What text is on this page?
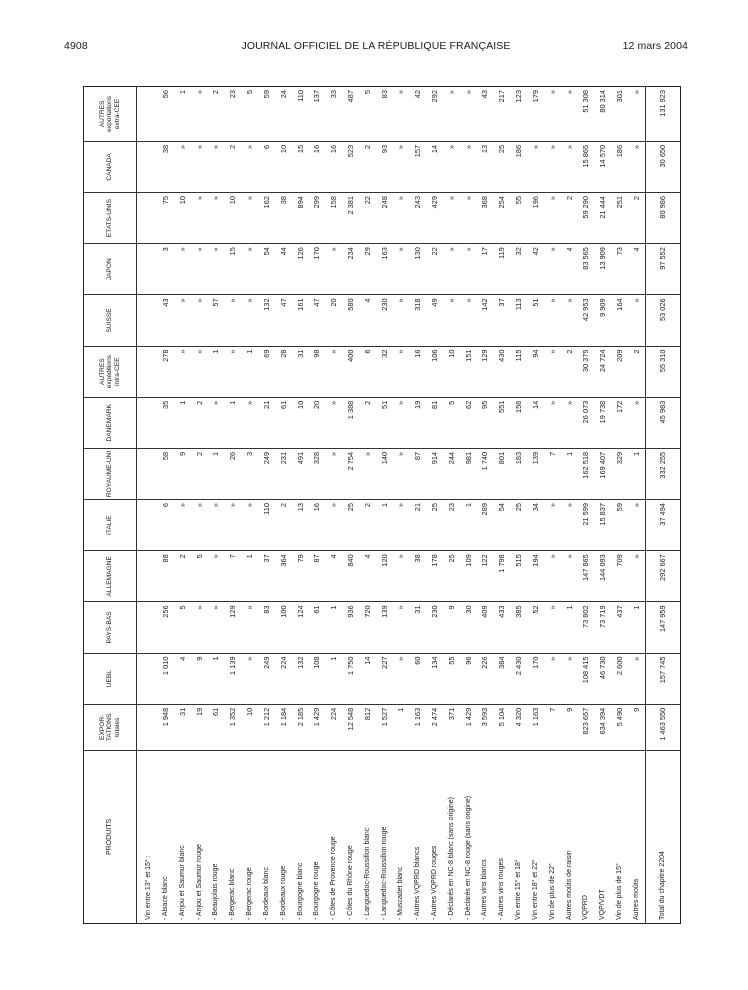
4908	JOURNAL OFFICIEL DE LA RÉPUBLIQUE FRANÇAISE	12 mars 2004
PRODUITS	EXPOR-TATIONS totales	UEBL	PAYS-BAS	ALLEMAGNE	ITALIE	ROYAUME-UNI	DANEMARK	AUTRES expéditions intra-CEE	SUISSE	JAPON	ETATS-UNIS	CANADA	AUTRES exportations extra-CEE
Vin entre 13° et 15° :													
- Alsace blanc	1 948	1 010	256	88	6	58	35	278	43	3	75	38	56
- Anjou et Saumur blanc	31	4	5	2	»	9	1	»	»	»	10	»	1
- Anjou et Saumur rouge	19	9	»	5	»	2	2	»	»	»	»	»	»
- Beaujolais rouge	61	1	»	»	»	1	»	1	57	»	»	»	2
- Bergerac blanc	1 352	1 139	129	7	»	26	1	»	»	15	10	2	23
- Bergerac rouge	10	»	»	1	»	3	»	1	»	»	»	»	5
- Bordeaux blanc	1 212	249	83	37	110	249	21	69	132	54	162	6	59
- Bordeaux rouge	1 184	224	100	364	2	231	61	28	47	44	38	10	24
- Bourgogne blanc	2 185	132	124	79	13	491	10	31	161	126	894	15	110
- Bourgogne rouge	1 429	108	61	87	16	328	20	98	47	170	299	16	137
- Côtes de Provence rouge	224	1	1	4	»	»	»	»	20	»	158	16	33
- Côtes du Rhône rouge	12 548	1 750	936	840	25	2 754	1 388	400	580	234	2 381	523	487
- Languedoc-Roussillon blanc	812	14	720	4	2	»	2	6	4	29	22	2	5
- Languedoc-Roussillon rouge	1 527	227	139	120	1	140	51	32	230	163	248	93	83
- Muscadet blanc	1	»	»	»	»	»	»	»	»	»	»	»	»
- Autres VQPRD blancs	1 163	60	31	38	21	87	19	16	318	130	243	157	42
- Autres VQPRD rouges	2 474	134	230	178	25	914	81	106	49	22	429	14	292
- Déclarés en NC-8 blanc (sans origine)	371	55	9	25	23	244	5	10	»	»	»	»	»
- Déclarés en NC-8 rouge (sans origine)	1 429	96	30	109	1	981	62	151	»	»	»	»	»
- Autres vins blancs	3 593	226	409	122	289	1 740	95	129	142	17	368	13	43
- Autres vins rouges	5 104	384	433	1 798	54	801	551	430	37	119	254	25	217
Vin entre 15° et 18°	4 320	2 430	385	515	25	183	158	115	113	32	55	186	123
Vin entre 18° et 22°	1 163	170	52	194	34	139	14	94	51	42	196	»	179
Vin de plus de 22°	7	»	»	»	»	7	»	»	»	»	»	»	»
Autres moûts de raisin	9	»	1	»	»	1	»	2	»	4	2	»	»
VQPRD	823 657	108 415	73 802	147 865	21 599	162 518	26 073	30 375	42 953	83 565	59 290	15 865	51 308
VQP/VDT	634 394	46 730	73 719	144 093	15 837	169 407	19 738	24 724	9 909	13 909	21 444	14 570	80 314
Vin de plus de 15°	5 490	2 600	437	709	59	329	172	209	164	73	251	186	301
Autres moûts	9	»	1	»	»	1	»	2	»	4	2	»	»
Total du chapitre 2204	1 463 550	157 745	147 959	292 667	37 494	332 255	45 983	55 310	53 026	97 552	80 986	30 650	131 923
